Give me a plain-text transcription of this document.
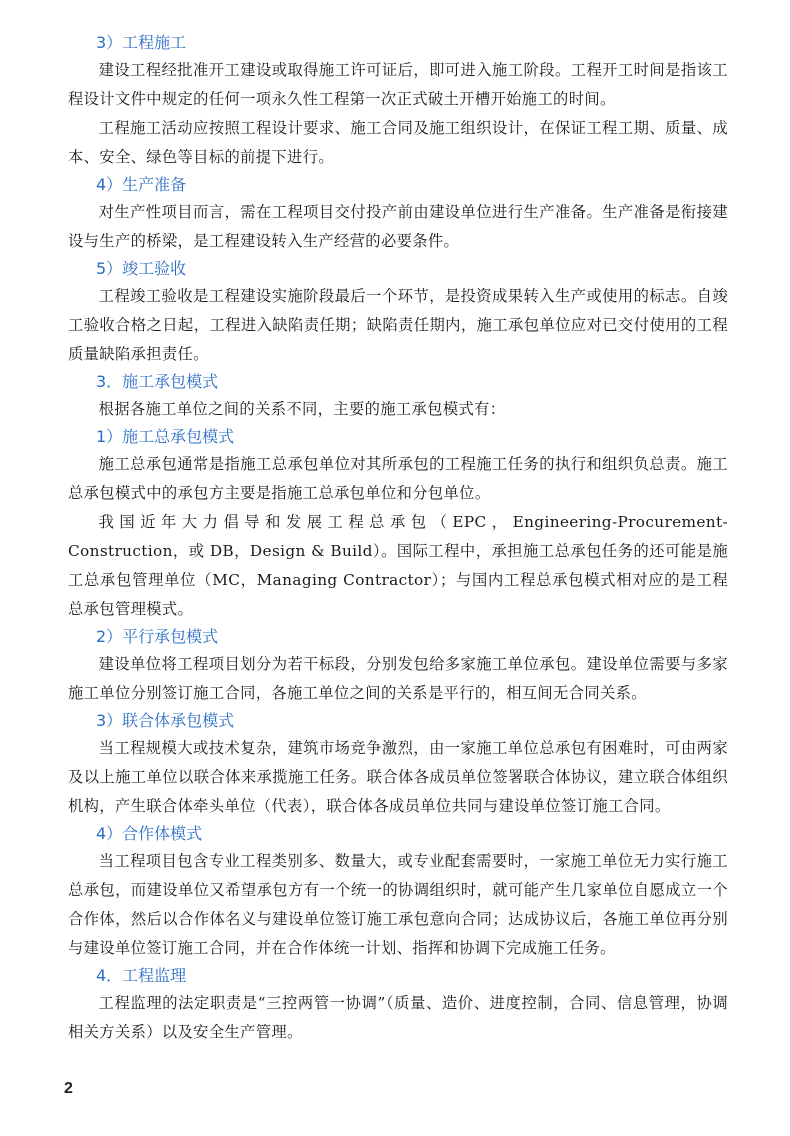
3）工程施工

建设工程经批准开工建设或取得施工许可证后，即可进入施工阶段。工程开工时间是指该工程设计文件中规定的任何一项永久性工程第一次正式破土开槽开始施工的时间。

工程施工活动应按照工程设计要求、施工合同及施工组织设计，在保证工程工期、质量、成本、安全、绿色等目标的前提下进行。

4）生产准备

对生产性项目而言，需在工程项目交付投产前由建设单位进行生产准备。生产准备是衔接建设与生产的桥梁，是工程建设转入生产经营的必要条件。

5）竣工验收

工程竣工验收是工程建设实施阶段最后一个环节，是投资成果转入生产或使用的标志。自竣工验收合格之日起，工程进入缺陷责任期；缺陷责任期内，施工承包单位应对已交付使用的工程质量缺陷承担责任。

3．施工承包模式

根据各施工单位之间的关系不同，主要的施工承包模式有：

1）施工总承包模式

施工总承包通常是指施工总承包单位对其所承包的工程施工任务的执行和组织负总责。施工总承包模式中的承包方主要是指施工总承包单位和分包单位。

我国近年大力倡导和发展工程总承包（EPC，Engineering-Procurement-Construction，或 DB，Design & Build）。国际工程中，承担施工总承包任务的还可能是施工总承包管理单位（MC，Managing Contractor）；与国内工程总承包模式相对应的是工程总承包管理模式。

2）平行承包模式

建设单位将工程项目划分为若干标段，分别发包给多家施工单位承包。建设单位需要与多家施工单位分别签订施工合同，各施工单位之间的关系是平行的，相互间无合同关系。

3）联合体承包模式

当工程规模大或技术复杂，建筑市场竞争激烈，由一家施工单位总承包有困难时，可由两家及以上施工单位以联合体来承揽施工任务。联合体各成员单位签署联合体协议，建立联合体组织机构，产生联合体牵头单位（代表），联合体各成员单位共同与建设单位签订施工合同。

4）合作体模式

当工程项目包含专业工程类别多、数量大，或专业配套需要时，一家施工单位无力实行施工总承包，而建设单位又希望承包方有一个统一的协调组织时，就可能产生几家单位自愿成立一个合作体，然后以合作体名义与建设单位签订施工承包意向合同；达成协议后，各施工单位再分别与建设单位签订施工合同，并在合作体统一计划、指挥和协调下完成施工任务。

4．工程监理

工程监理的法定职责是“三控两管一协调”（质量、造价、进度控制，合同、信息管理，协调相关方关系）以及安全生产管理。

2
